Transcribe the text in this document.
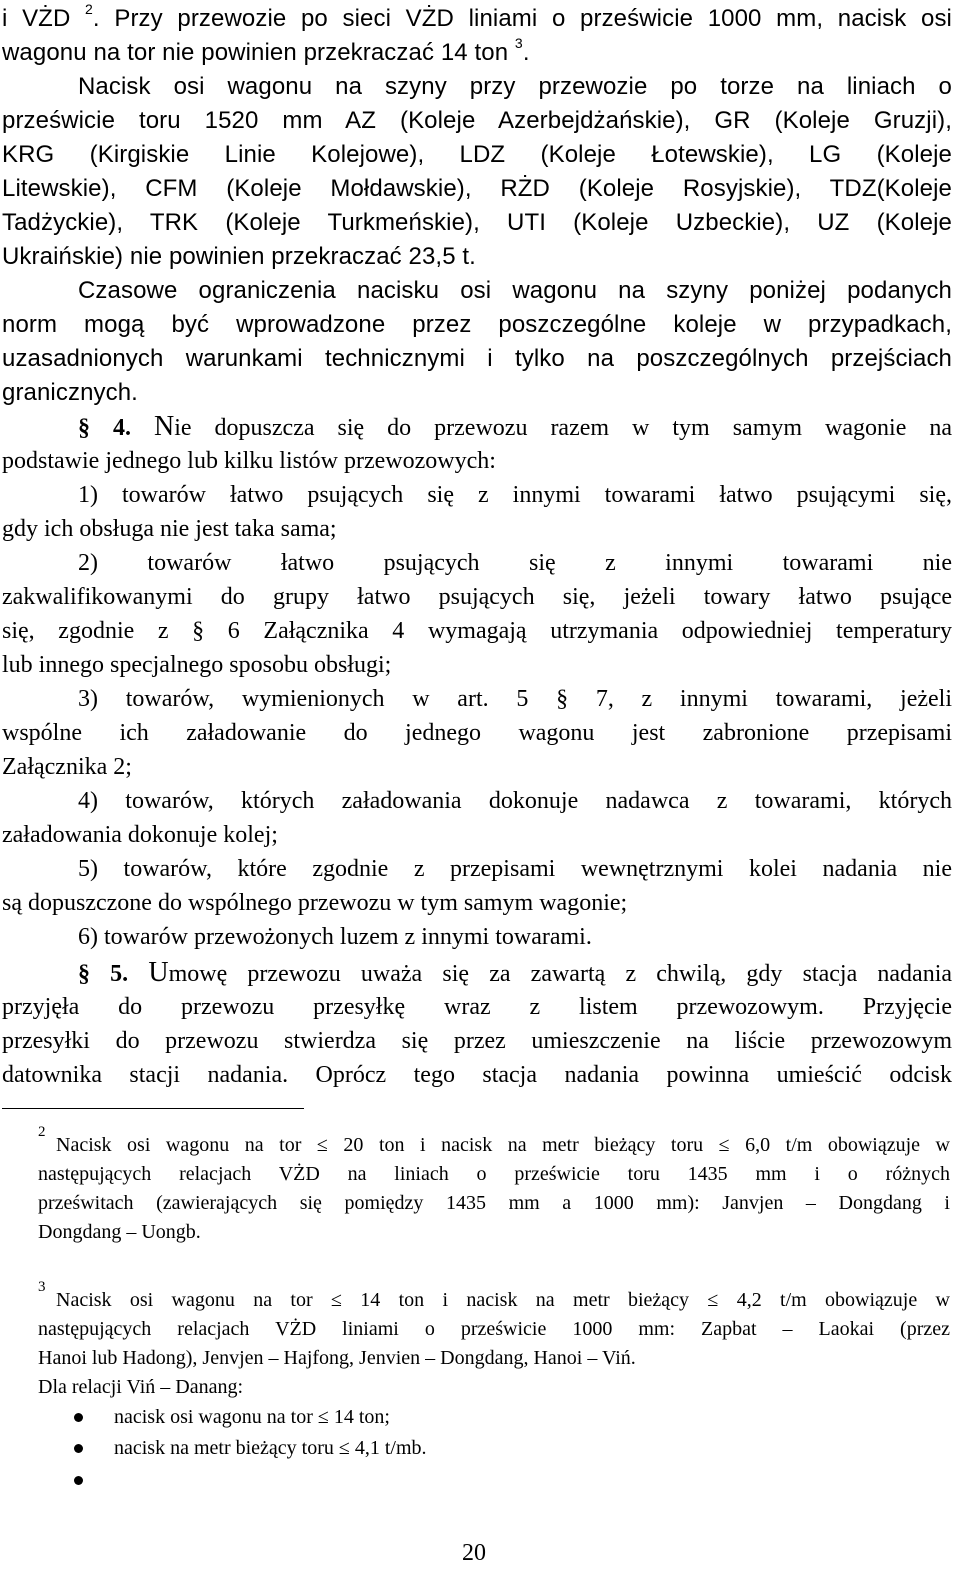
i VŻD $^2$. Przy przewozie po sieci VŻD liniami o prześwicie 1000 mm, nacisk osi
wagonu na tor nie powinien przekraczać 14 ton $^3$.
Nacisk osi wagonu na szyny przy przewozie po torze na liniach o
prześwicie toru 1520 mm AZ (Koleje Azerbejdżańskie), GR (Koleje Gruzji),
KRG (Kirgiskie Linie Kolejowe), LDZ (Koleje Łotewskie), LG (Koleje
Litewskie), CFM (Koleje Mołdawskie), RŻD (Koleje Rosyjskie), TDZ(Koleje
Tadżyckie), TRK (Koleje Turkmeńskie), UTI (Koleje Uzbeckie), UZ (Koleje
Ukraińskie) nie powinien przekraczać 23,5 t.
Czasowe ograniczenia nacisku osi wagonu na szyny poniżej podanych
norm mogą być wprowadzone przez poszczególne koleje w przypadkach,
uzasadnionych warunkami technicznymi i tylko na poszczególnych przejściach
granicznych.
§ 4. Nie dopuszcza się do przewozu razem w tym samym wagonie na
podstawie jednego lub kilku listów przewozowych:
1) towarów łatwo psujących się z innymi towarami łatwo psującymi się,
gdy ich obsługa nie jest taka sama;
2) towarów łatwo psujących się z innymi towarami nie
zakwalifikowanymi do grupy łatwo psujących się, jeżeli towary łatwo psujące
się, zgodnie z § 6 Załącznika 4 wymagają utrzymania odpowiedniej temperatury
lub innego specjalnego sposobu obsługi;
3) towarów, wymienionych w art. 5 § 7, z innymi towarami, jeżeli
wspólne ich załadowanie do jednego wagonu jest zabronione przepisami
Załącznika 2;
4) towarów, których załadowania dokonuje nadawca z towarami, których
załadowania dokonuje kolej;
5) towarów, które zgodnie z przepisami wewnętrznymi kolei nadania nie
są dopuszczone do wspólnego przewozu w tym samym wagonie;
6) towarów przewożonych luzem z innymi towarami.
§ 5. Umowę przewozu uważa się za zawartą z chwilą, gdy stacja nadania
przyjęła do przewozu przesyłkę wraz z listem przewozowym. Przyjęcie
przesyłki do przewozu stwierdza się przez umieszczenie na liście przewozowym
datownika stacji nadania. Oprócz tego stacja nadania powinna umieścić odcisk
2
Nacisk osi wagonu na tor ≤ 20 ton i nacisk na metr bieżący toru ≤ 6,0 t/m obowiązuje w
następujących relacjach VŻD na liniach o prześwicie toru 1435 mm i o różnych
prześwitach (zawierających się pomiędzy 1435 mm a 1000 mm): Janvjen – Dongdang i
Dongdang – Uongb.
3
Nacisk osi wagonu na tor ≤ 14 ton i nacisk na metr bieżący ≤ 4,2 t/m obowiązuje w
następujących relacjach VŻD liniami o prześwicie 1000 mm: Zapbat – Laokai (przez
Hanoi lub Hadong), Jenvjen – Hajfong, Jenvien – Dongdang, Hanoi – Viń.
Dla relacji Viń – Danang:
nacisk osi wagonu na tor ≤ 14 ton;
nacisk na metr bieżący toru ≤ 4,1 t/mb.
20
